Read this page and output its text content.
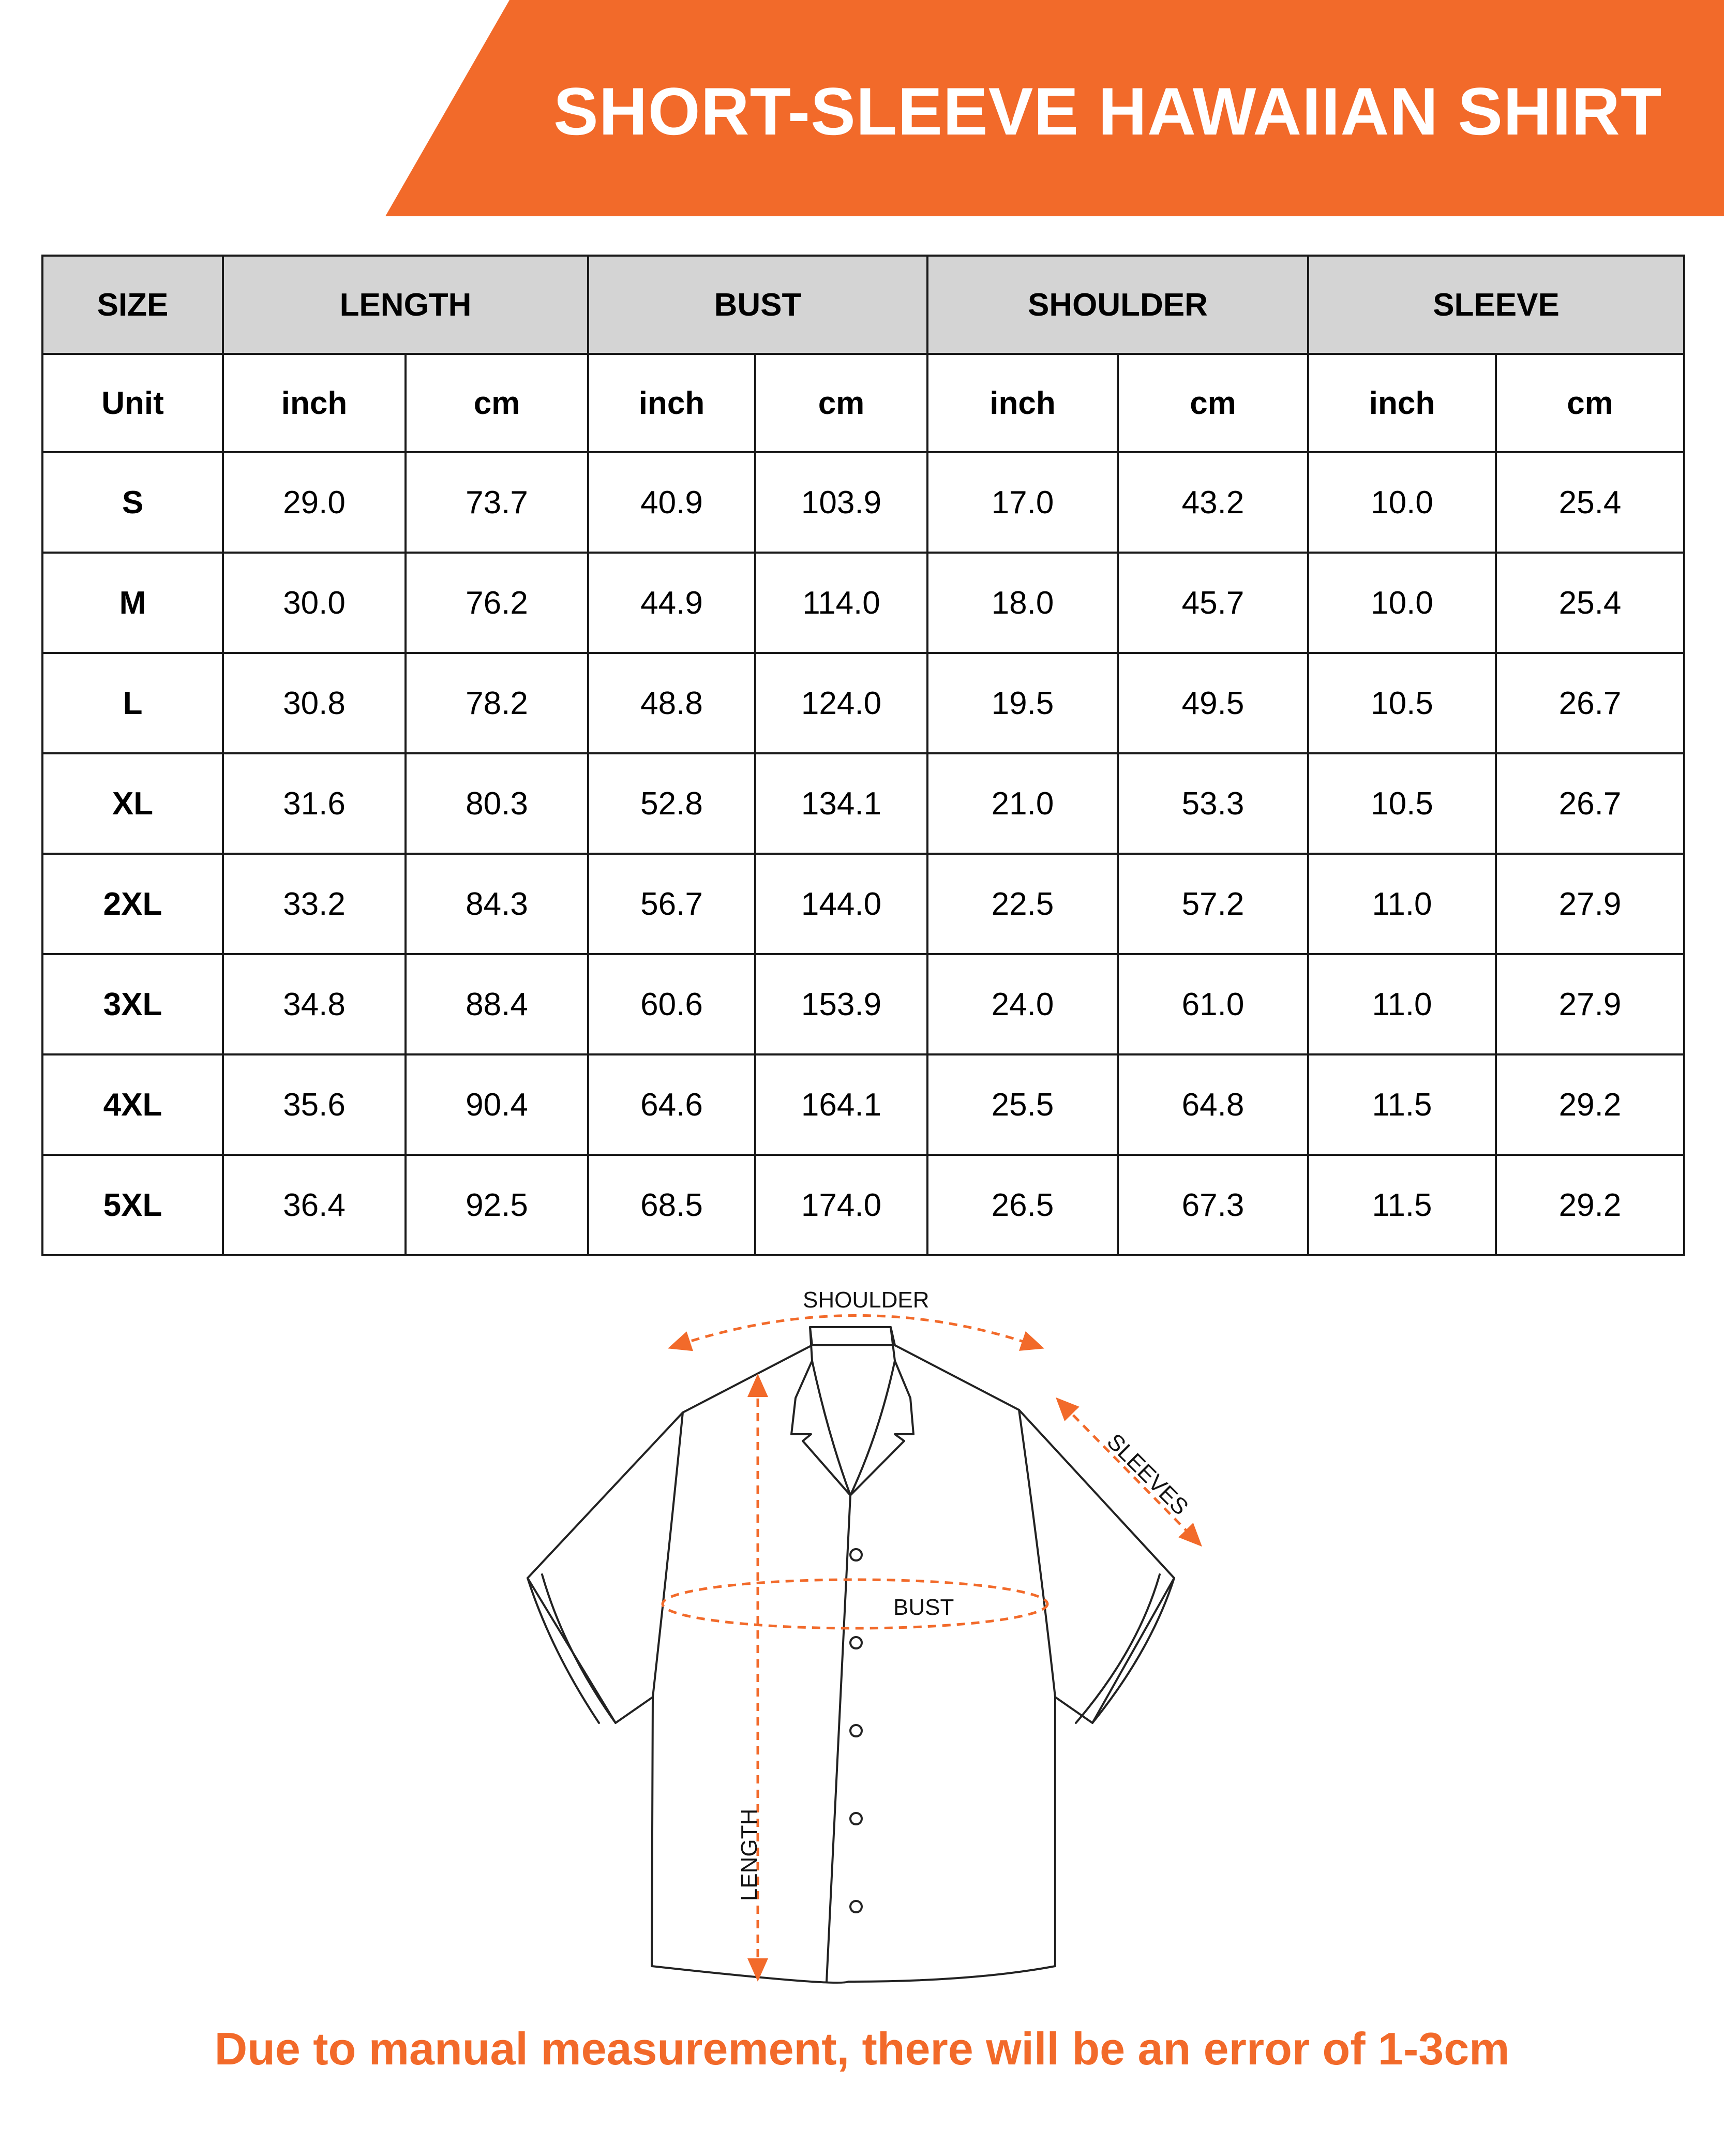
SHORT-SLEEVE HAWAIIAN SHIRT
SIZE	LENGTH		BUST		SHOULDER		SLEEVE	
Unit	inch	cm	inch	cm	inch	cm	inch	cm
S	29.0	73.7	40.9	103.9	17.0	43.2	10.0	25.4
M	30.0	76.2	44.9	114.0	18.0	45.7	10.0	25.4
L	30.8	78.2	48.8	124.0	19.5	49.5	10.5	26.7
XL	31.6	80.3	52.8	134.1	21.0	53.3	10.5	26.7
2XL	33.2	84.3	56.7	144.0	22.5	57.2	11.0	27.9
3XL	34.8	88.4	60.6	153.9	24.0	61.0	11.0	27.9
4XL	35.6	90.4	64.6	164.1	25.5	64.8	11.5	29.2
5XL	36.4	92.5	68.5	174.0	26.5	67.3	11.5	29.2
SHOULDER
SLEEVES
BUST
LENGTH
Due to manual measurement, there will be an error of 1-3cm
